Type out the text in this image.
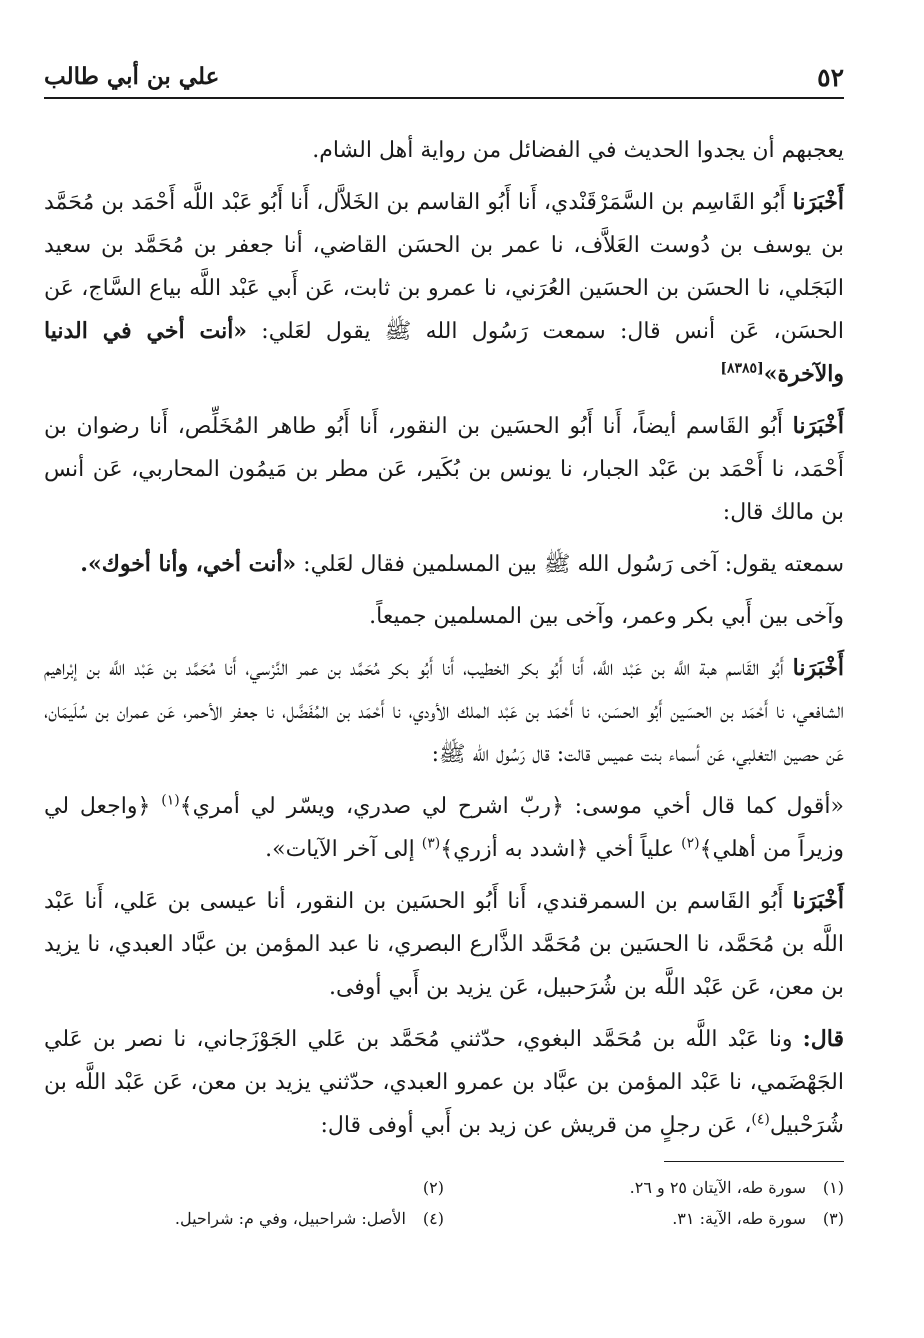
٥٢
علي بن أبي طالب

يعجبهم أن يجدوا الحديث في الفضائل من رواية أهل الشام.

أَخْبَرَنا أَبُو القَاسِم بن السَّمَرْقَنْدي، أَنا أَبُو القاسم بن الخَلاَّل، أَنا أَبُو عَبْد اللَّه أَحْمَد بن مُحَمَّد بن يوسف بن دُوست العَلاَّف، نا عمر بن الحسَن القاضي، أنا جعفر بن مُحَمَّد بن سعيد البَجَلي، نا الحسَن بن الحسَين العُرَني، نا عمرو بن ثابت، عَن أَبي عَبْد اللَّه بياع السَّاج، عَن الحسَن، عَن أنس قال: سمعت رَسُول الله ﷺ يقول لعَلي: «أنت أخي في الدنيا والآخرة»[٨٣٨٥]

أَخْبَرَنا أَبُو القَاسم أيضاً، أَنا أَبُو الحسَين بن النقور، أَنا أَبُو طاهر المُخَلِّص، أَنا رضوان بن أَحْمَد، نا أَحْمَد بن عَبْد الجبار، نا يونس بن بُكَير، عَن مطر بن مَيمُون المحاربي، عَن أنس بن مالك قال:

سمعته يقول: آخى رَسُول الله ﷺ بين المسلمين فقال لعَلي: «أنت أخي، وأنا أخوك».

وآخى بين أَبي بكر وعمر، وآخى بين المسلمين جميعاً.

أَخْبَرَنا أَبُو القَاسم هبة اللَّه بن عَبْد اللَّه، أَنا أَبُو بكر الخطيب، أَنا أَبُو بكر مُحَمَّد بن عمر النَّرْسي، أَنا مُحَمَّد بن عَبْد اللَّه بن إبْراهيم الشافعي، نا أَحْمَد بن الحسَين أَبُو الحسَن، نا أَحْمَد بن عَبْد الملك الأودي، نا أَحْمَد بن المُفَضَّل، نا جعفر الأحمر، عَن عمران بن سُلَيمَان، عَن حصين التغلبي، عَن أسماء بنت عميس قالت: قال رَسُول الله ﷺ:

«أقول كما قال أخي موسى: ﴿ربّ اشرح لي صدري، ويسّر لي أمري﴾$^{(١)}$ ﴿واجعل لي وزيراً من أهلي﴾$^{(٢)}$ علياً أخي ﴿اشدد به أزري﴾$^{(٣)}$ إلى آخر الآيات».

أَخْبَرَنا أَبُو القَاسم بن السمرقندي، أَنا أَبُو الحسَين بن النقور، أنا عيسى بن عَلي، أَنا عَبْد اللَّه بن مُحَمَّد، نا الحسَين بن مُحَمَّد الذَّارع البصري، نا عبد المؤمن بن عبَّاد العبدي، نا يزيد بن معن، عَن عَبْد اللَّه بن شُرَحبيل، عَن يزيد بن أَبي أوفى.

قال: ونا عَبْد اللَّه بن مُحَمَّد البغوي، حدّثني مُحَمَّد بن عَلي الجَوْزَجاني، نا نصر بن عَلي الجَهْضَمي، نا عَبْد المؤمن بن عبَّاد بن عمرو العبدي، حدّثني يزيد بن معن، عَن عَبْد اللَّه بن شُرَحْبيل$^{(٤)}$، عَن رجلٍ من قريش عن زيد بن أَبي أوفى قال:

(١)سورة طه، الآيتان ٢٥ و ٢٦.
(٢)
(٣)سورة طه، الآية: ٣١.
(٤)الأصل: شراحبيل، وفي م: شراحيل.
